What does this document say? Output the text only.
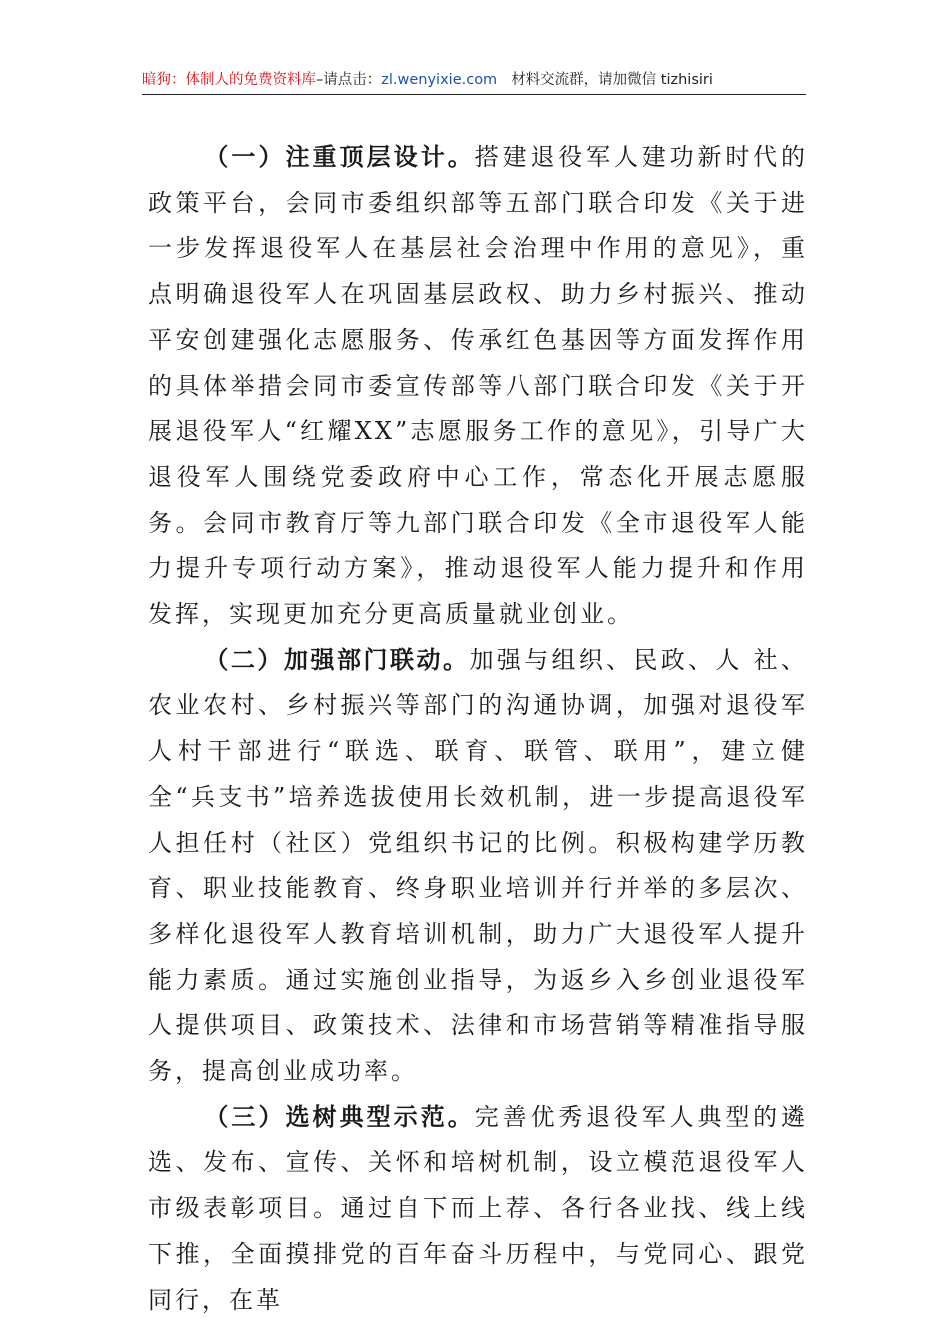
暗狗：体制人的免费资料库 –请点击： zl.wenyixie.com 材料交流群，请加微信 tizhisiri

（一）注重顶层设计。搭建退役军人建功新时代的政策平台，会同市委组织部等五部门联合印发《关于进一步发挥退役军人在基层社会治理中作用的意见》，重点明确退役军人在巩固基层政权、助力乡村振兴、推动平安创建强化志愿服务、传承红色基因等方面发挥作用的具体举措会同市委宣传部等八部门联合印发《关于开展退役军人“红耀XX”志愿服务工作的意见》，引导广大退役军人围绕党委政府中心工作，常态化开展志愿服务。会同市教育厅等九部门联合印发《全市退役军人能力提升专项行动方案》，推动退役军人能力提升和作用发挥，实现更加充分更高质量就业创业。

（二）加强部门联动。加强与组织、民政、人 社、农业农村、乡村振兴等部门的沟通协调，加强对退役军人村干部进行“联选、联育、联管、联用”，建立健全“兵支书”培养选拔使用长效机制，进一步提高退役军人担任村（社区）党组织书记的比例。积极构建学历教育、职业技能教育、终身职业培训并行并举的多层次、多样化退役军人教育培训机制，助力广大退役军人提升能力素质。通过实施创业指导，为返乡入乡创业退役军人提供项目、政策技术、法律和市场营销等精准指导服务，提高创业成功率。

（三）选树典型示范。完善优秀退役军人典型的遴选、发布、宣传、关怀和培树机制，设立模范退役军人市级表彰项目。通过自下而上荐、各行各业找、线上线下推，全面摸排党的百年奋斗历程中，与党同心、跟党同行，在革
